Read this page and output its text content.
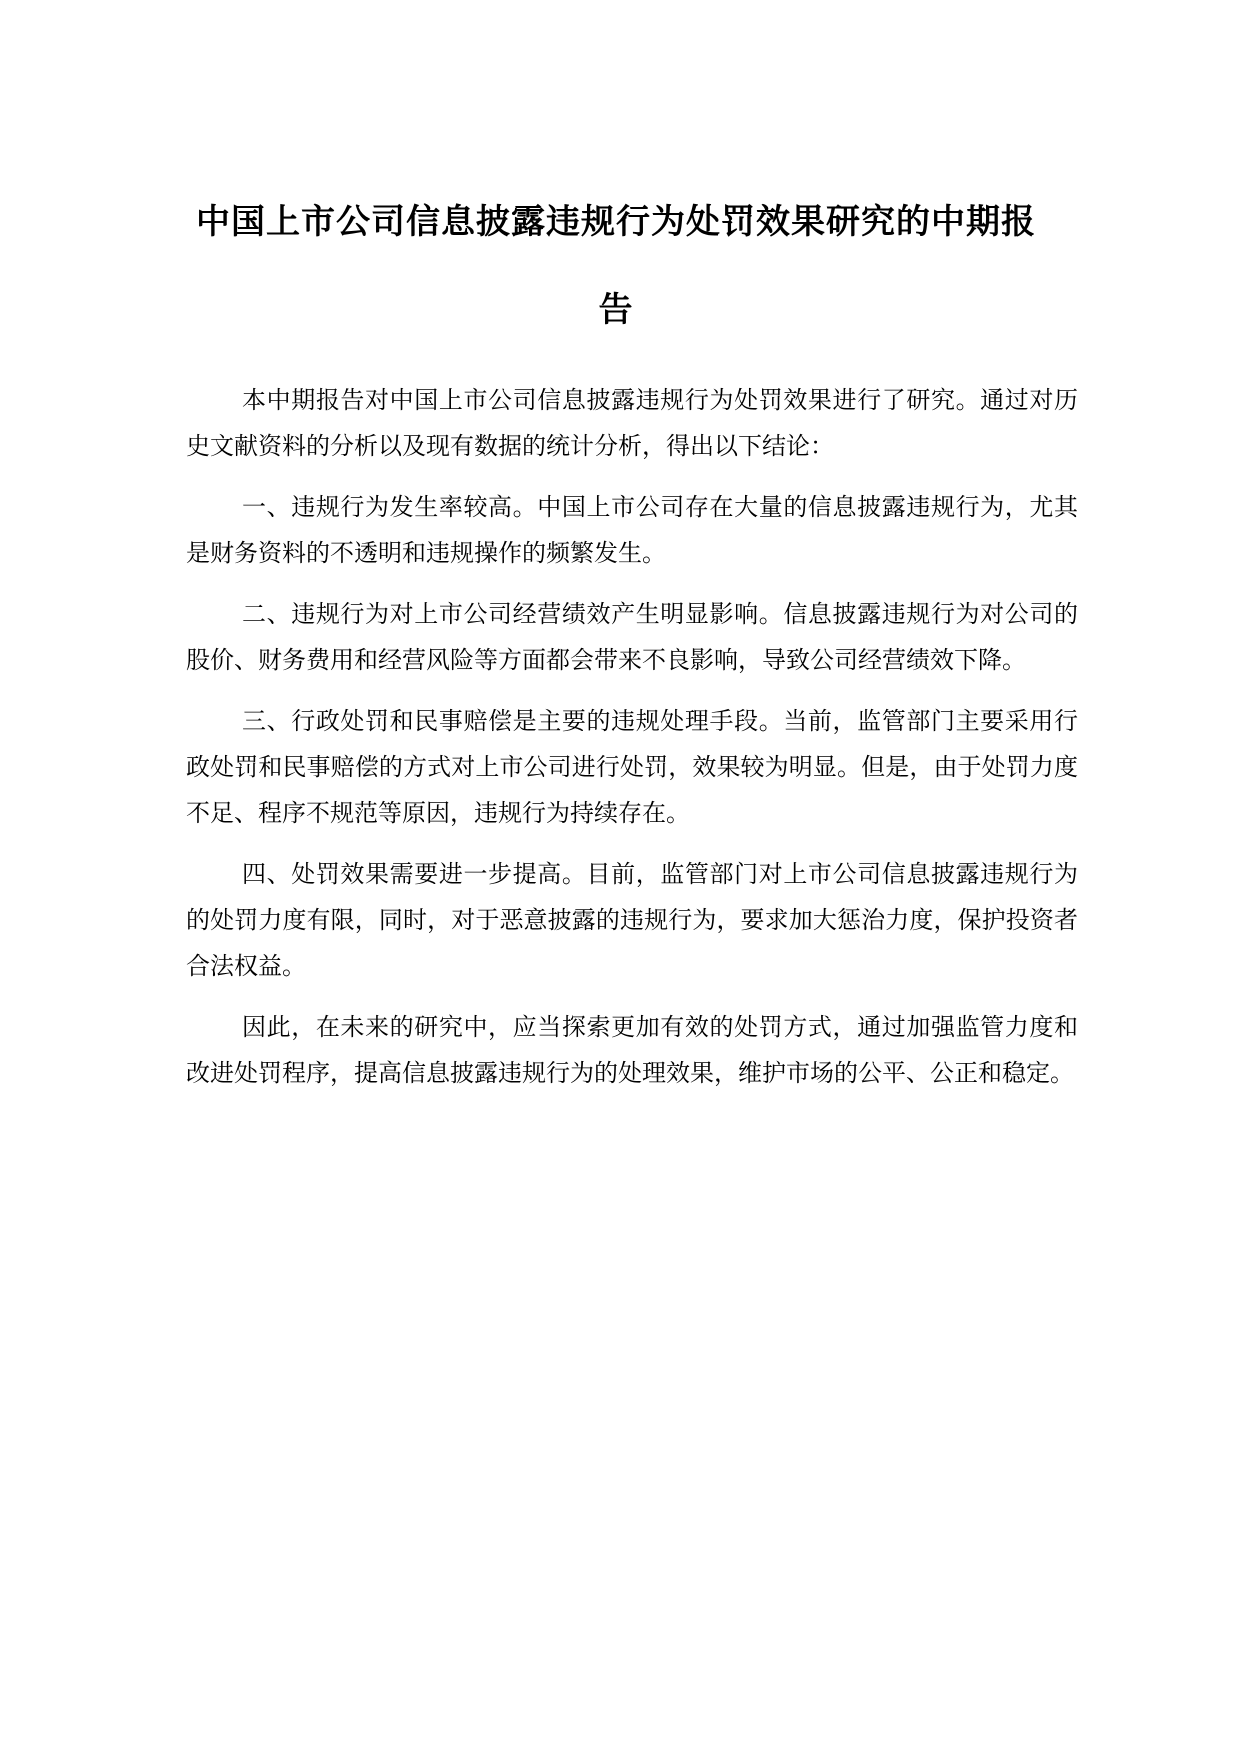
中国上市公司信息披露违规行为处罚效果研究的中期报告

本中期报告对中国上市公司信息披露违规行为处罚效果进行了研究。通过对历史文献资料的分析以及现有数据的统计分析，得出以下结论：

一、违规行为发生率较高。中国上市公司存在大量的信息披露违规行为，尤其是财务资料的不透明和违规操作的频繁发生。

二、违规行为对上市公司经营绩效产生明显影响。信息披露违规行为对公司的股价、财务费用和经营风险等方面都会带来不良影响，导致公司经营绩效下降。

三、行政处罚和民事赔偿是主要的违规处理手段。当前，监管部门主要采用行政处罚和民事赔偿的方式对上市公司进行处罚，效果较为明显。但是，由于处罚力度不足、程序不规范等原因，违规行为持续存在。

四、处罚效果需要进一步提高。目前，监管部门对上市公司信息披露违规行为的处罚力度有限，同时，对于恶意披露的违规行为，要求加大惩治力度，保护投资者合法权益。

因此，在未来的研究中，应当探索更加有效的处罚方式，通过加强监管力度和改进处罚程序，提高信息披露违规行为的处理效果，维护市场的公平、公正和稳定。
